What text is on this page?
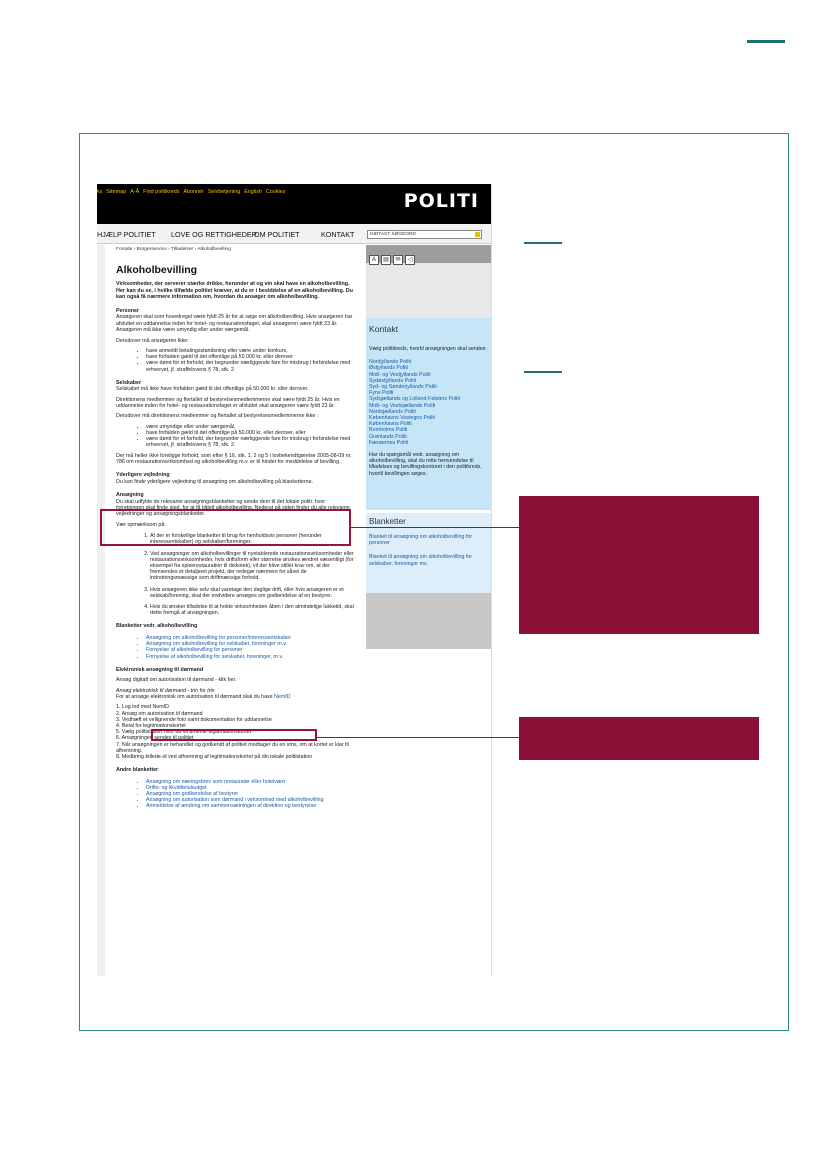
ks Sitemap A-Å Find politikreds Abonnér Selvbetjening English Cookies	POLITI
HJÆLP POLITIET LOVE OG RETTIGHEDER
OM POLITIET	KONTAKT	INDTAST SØGEORD
Forside › Borgerservice › Tilladelser › Alkoholbevilling
Alkoholbevilling
Virksomheder, der serverer stærke drikke, herunder øl og vin skal have en alkoholbevilling. Her kan du se, i hvilke tilfælde politiet kræver, at du er i besiddelse af en alkoholbevilling. Du kan også få nærmere information om, hvordan du ansøger om alkoholbevilling.
Personer
Ansøgeren skal som hovedregel være fyldt 25 år for at søge om alkoholbevilling. Hvis ansøgeren har afsluttet en uddannelse inden for hotel- og restaurationsfaget, skal ansøgeren være fyldt 23 år. Ansøgeren må ikke være umyndig eller under værgemål.
Derudover må ansøgeren ikke:
• have anmeldt betalingsstandsning eller være under konkurs,
• have forfalden gæld til det offentlige på 50.000 kr. eller derover
• være dømt for et forhold, der begrunder nærliggende fare for misbrug i forbindelse med erhvervet, jf. straffelovens § 78, stk. 2.
Selskaber
Selskabet må ikke have forfalden gæld til det offentlige på 50.000 kr. eller derover.
Direktionens medlemmer og flertallet af bestyrelsesmedlemmerne skal være fyldt 25 år. Hvis en uddannelse inden for hotel- og restaurationsfaget er afsluttet skal ansøgeren være fyldt 23 år.
Derudover må direktionens medlemmer og flertallet af bestyrelsesmedlemmerne ikke :
• være umyndige eller under værgemål,
• have forfalden gæld til det offentlige på 50.000 kr. eller derover, eller
• være dømt for et forhold, der begrunder nærliggende fare for misbrug i forbindelse med erhvervet, jf. straffelovens § 78, stk. 2.
Der må heller ikke foreligge forhold, som efter § 16, stk. 1, 2 og 5 i lovbekendtgørelse 2005-08-09 nr. 786 om restaurationsvirksomhed og alkoholbevilling m.v. er til hinder for meddelelse af bevilling.
Yderligere vejledning
Du kan finde yderligere vejledning til ansøgning om alkoholbevilling på blanketterne.
Ansøgning
Du skal udfylde de relevante ansøgningsblanketter og sende dem til det lokale politi. hvor forretningen skal finde sted, for at få tildelt alkoholbevilling. Nederst på siden finder du alle relevante vejledninger og ansøgningsblanketter.
Vær opmærksom på:
1. At der er forskellige blanketter til brug for henholdsvis personer (herunder interessentskaber) og selskaber/foreninger.
2. Ved ansøgninger om alkoholbevillinger til nyetablerede restaurationsvirksomheder eller restaurationsvirksomheder, hvis driftsform eller størrelse ønskes ændret væsentligt (for eksempel fra spiserestauration til diskotek), vil der blive stillet krav om, at der fremsendes et detaljeret projekt, der redegør nærmere for såvel de indretningsmæssige som driftmæssige forhold.
3. Hvis ansøgeren ikke selv skal varetage den daglige drift, eller hvis ansøgeren er et selskab/forening, skal der endvidere ansøges om godkendelse af en bestyrer.
4. Hvis du ønsker tilladelse til at holde virksomheden åben i den almindelige lukketid, skal dette fremgå af ansøgningen.
Blanketter vedr. alkoholbevilling
• Ansøgning om alkoholbevilling for personer/interessentskaber
• Ansøgning om alkoholbevilling for selskaber, foreninger m.v.
• Fornyelse af alkoholbevilling for personer
• Fornyelse af alkoholbevilling for selskaber, foreninger, m.v.
Elektronisk ansøgning til dørmand
Ansøg digitalt om autorisation til dørmand - klik her.
Ansøg elektronisk til dørmand - trin for trin
For at ansøge elektronisk om autorisation til dørmand skal du have NemID
1. Log ind med NemID
2. Ansøg om autorisation til dørmand
3. Vedhæft et vellignende foto samt dokumentation for uddannelse
4. Betal for legitimationskortet
5. Vælg politistation hvor du vil afhente legitimationskortet
6. Ansøgningen sendes til politiet
7. Når ansøgningen er behandlet og godkendt af politiet modtager du en sms, om at kortet er klar til afhentning.
8. Medbring billede-id ved afhentning af legitimationskortet på din lokale politistation
Andre blanketter
• Ansøgning om næringsbrev som restauratør eller hotelvært
• Drifts- og likviditetsbudget
• Ansøgning om godkendelse af bestyrer
• Ansøgning om autorisation som dørmand i virksomhed med alkoholbevilling
• Anmeldelse af ændring om sammensætningen af direktion og bestyrelse
A ▤ ✉ ◁
Kontakt
Vælg politikreds, hvortil ansøgningen skal sendes:
Nordjyllands Politi
Østjyllands Politi
Midt- og Vestjyllands Politi
Sydøstjyllands Politi
Syd- og Sønderjyllands Politi
Fyns Politi
Sydsjællands og Lolland-Falsters Politi
Midt- og Vestsjællands Politi
Nordsjællands Politi
Københavns Vestegns Politi
Københavns Politi
Bornholms Politi
Grønlands Politi
Færøernes Politi
Har du spørgsmål vedr. ansøgning om alkoholbevilling, skal du rette henvendelse til tilladelses og bevillingskontoret i den politikreds, hvortil bevillingen søges.
Blanketter
Blanket til ansøgning om alkoholbevilling for personer
Blanket til ansøgning om alkoholbevilling for selskaber, foreninger mv.
